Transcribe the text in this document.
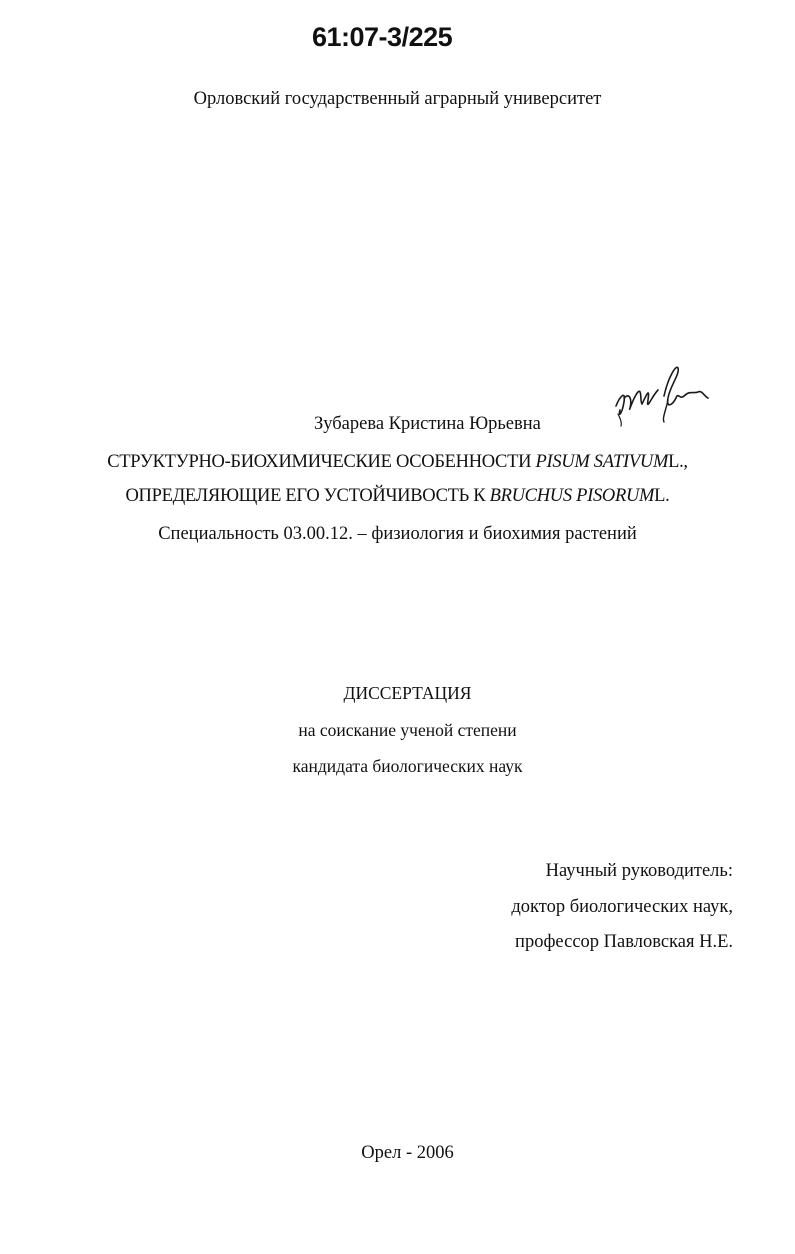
61:07-3/225
Орловский государственный аграрный университет
Зубарева Кристина Юрьевна
СТРУКТУРНО-БИОХИМИЧЕСКИЕ ОСОБЕННОСТИ PISUM SATIVUML.,
ОПРЕДЕЛЯЮЩИЕ ЕГО УСТОЙЧИВОСТЬ К BRUCHUS PISORUML.
Специальность 03.00.12. – физиология и биохимия растений
ДИССЕРТАЦИЯ
на соискание ученой степени
кандидата биологических наук
Научный руководитель:
доктор биологических наук,
профессор Павловская Н.Е.
Орел - 2006
